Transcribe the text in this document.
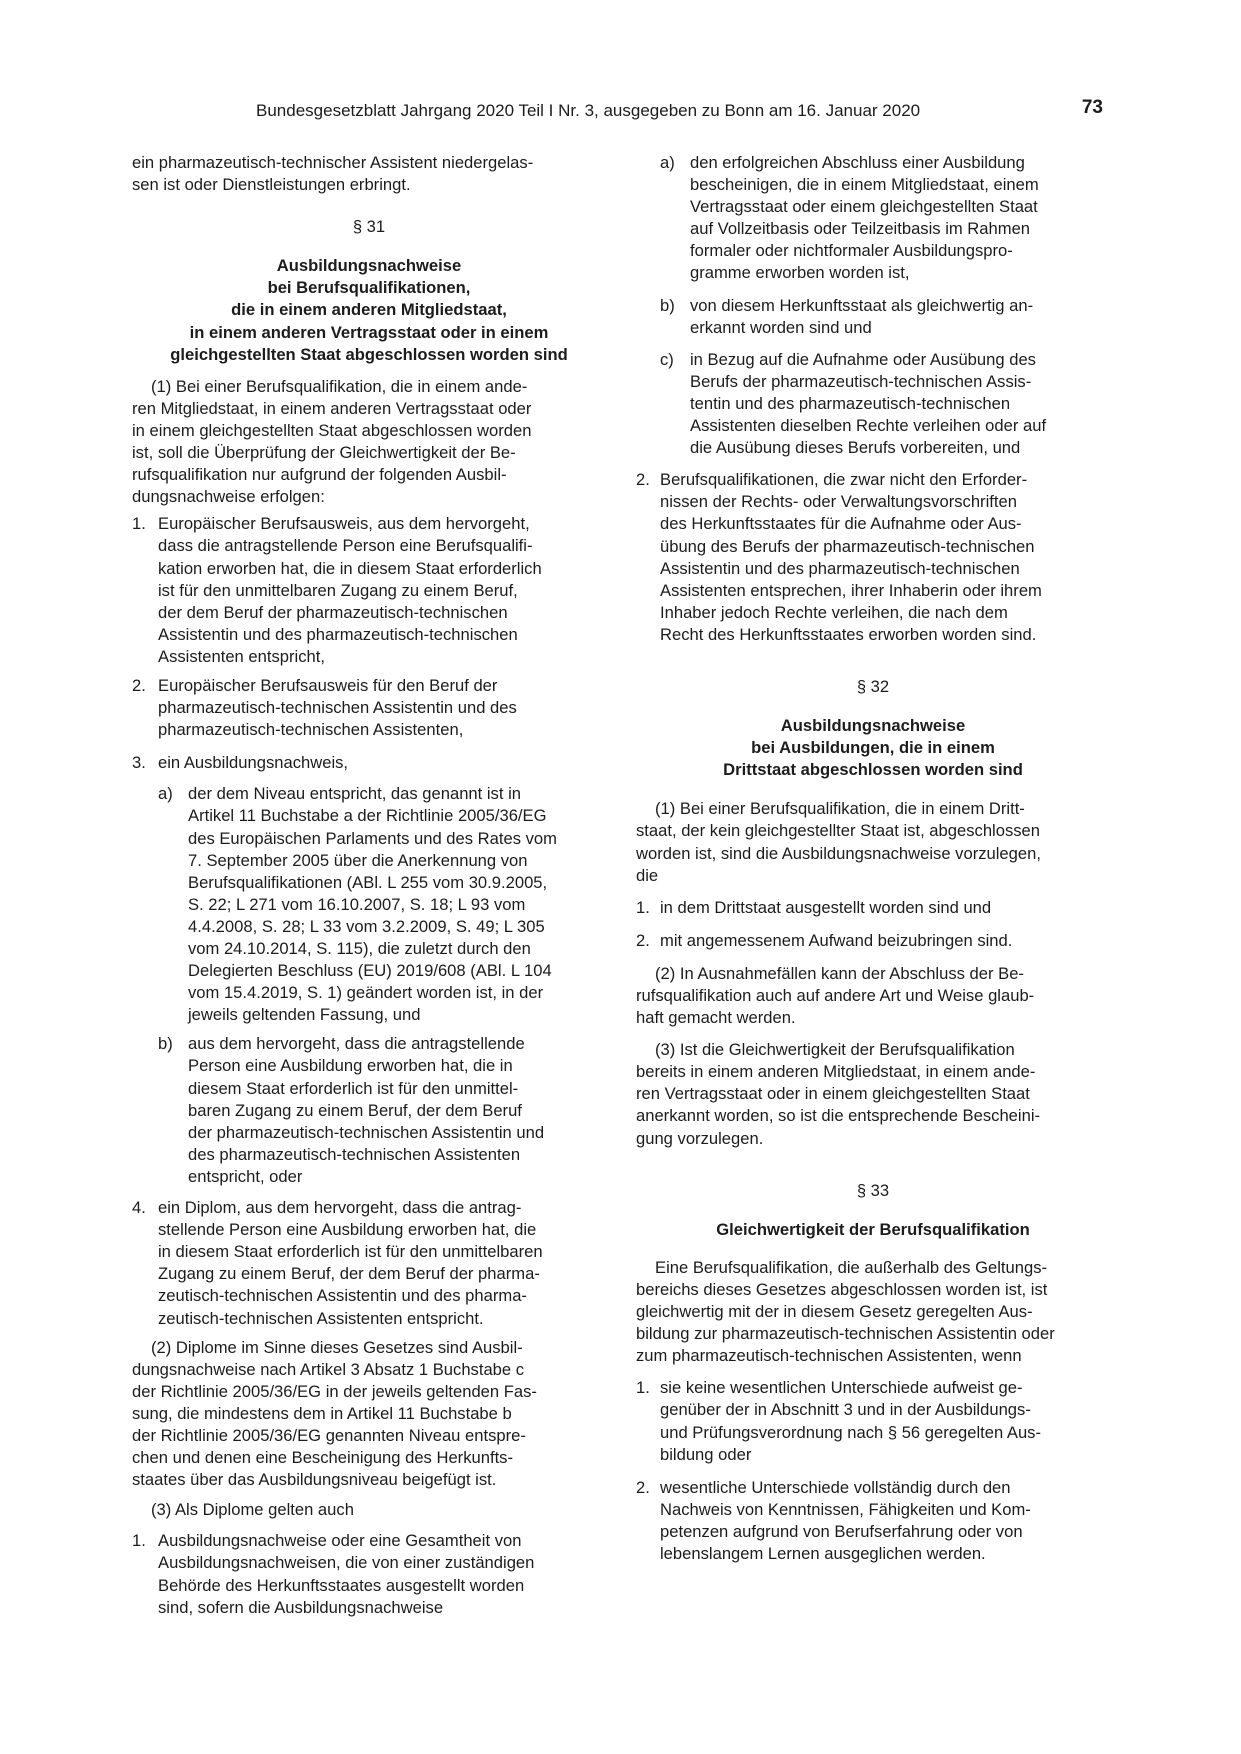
Bundesgesetzblatt Jahrgang 2020 Teil I Nr. 3, ausgegeben zu Bonn am 16. Januar 2020	73

ein pharmazeutisch-technischer Assistent niedergelas-
sen ist oder Dienstleistungen erbringt.

§ 31

Ausbildungsnachweise
bei Berufsqualifikationen,
die in einem anderen Mitgliedstaat,
in einem anderen Vertragsstaat oder in einem
gleichgestellten Staat abgeschlossen worden sind

(1) Bei einer Berufsqualifikation, die in einem ande-
ren Mitgliedstaat, in einem anderen Vertragsstaat oder
in einem gleichgestellten Staat abgeschlossen worden
ist, soll die Überprüfung der Gleichwertigkeit der Be-
rufsqualifikation nur aufgrund der folgenden Ausbil-
dungsnachweise erfolgen:

1. Europäischer Berufsausweis, aus dem hervorgeht,
dass die antragstellende Person eine Berufsqualifi-
kation erworben hat, die in diesem Staat erforderlich
ist für den unmittelbaren Zugang zu einem Beruf,
der dem Beruf der pharmazeutisch-technischen
Assistentin und des pharmazeutisch-technischen
Assistenten entspricht,
2. Europäischer Berufsausweis für den Beruf der
pharmazeutisch-technischen Assistentin und des
pharmazeutisch-technischen Assistenten,
3. ein Ausbildungsnachweis,
a) der dem Niveau entspricht, das genannt ist in
Artikel 11 Buchstabe a der Richtlinie 2005/36/EG
des Europäischen Parlaments und des Rates vom
7. September 2005 über die Anerkennung von
Berufsqualifikationen (ABl. L 255 vom 30.9.2005,
S. 22; L 271 vom 16.10.2007, S. 18; L 93 vom
4.4.2008, S. 28; L 33 vom 3.2.2009, S. 49; L 305
vom 24.10.2014, S. 115), die zuletzt durch den
Delegierten Beschluss (EU) 2019/608 (ABl. L 104
vom 15.4.2019, S. 1) geändert worden ist, in der
jeweils geltenden Fassung, und
b) aus dem hervorgeht, dass die antragstellende
Person eine Ausbildung erworben hat, die in
diesem Staat erforderlich ist für den unmittel-
baren Zugang zu einem Beruf, der dem Beruf
der pharmazeutisch-technischen Assistentin und
des pharmazeutisch-technischen Assistenten
entspricht, oder
4. ein Diplom, aus dem hervorgeht, dass die antrag-
stellende Person eine Ausbildung erworben hat, die
in diesem Staat erforderlich ist für den unmittelbaren
Zugang zu einem Beruf, der dem Beruf der pharma-
zeutisch-technischen Assistentin und des pharma-
zeutisch-technischen Assistenten entspricht.

(2) Diplome im Sinne dieses Gesetzes sind Ausbil-
dungsnachweise nach Artikel 3 Absatz 1 Buchstabe c
der Richtlinie 2005/36/EG in der jeweils geltenden Fas-
sung, die mindestens dem in Artikel 11 Buchstabe b
der Richtlinie 2005/36/EG genannten Niveau entspre-
chen und denen eine Bescheinigung des Herkunfts-
staates über das Ausbildungsniveau beigefügt ist.

(3) Als Diplome gelten auch

1. Ausbildungsnachweise oder eine Gesamtheit von
Ausbildungsnachweisen, die von einer zuständigen
Behörde des Herkunftsstaates ausgestellt worden
sind, sofern die Ausbildungsnachweise
a) den erfolgreichen Abschluss einer Ausbildung
bescheinigen, die in einem Mitgliedstaat, einem
Vertragsstaat oder einem gleichgestellten Staat
auf Vollzeitbasis oder Teilzeitbasis im Rahmen
formaler oder nichtformaler Ausbildungspro-
gramme erworben worden ist,
b) von diesem Herkunftsstaat als gleichwertig an-
erkannt worden sind und
c) in Bezug auf die Aufnahme oder Ausübung des
Berufs der pharmazeutisch-technischen Assis-
tentin und des pharmazeutisch-technischen
Assistenten dieselben Rechte verleihen oder auf
die Ausübung dieses Berufs vorbereiten, und
2. Berufsqualifikationen, die zwar nicht den Erforder-
nissen der Rechts- oder Verwaltungsvorschriften
des Herkunftsstaates für die Aufnahme oder Aus-
übung des Berufs der pharmazeutisch-technischen
Assistentin und des pharmazeutisch-technischen
Assistenten entsprechen, ihrer Inhaberin oder ihrem
Inhaber jedoch Rechte verleihen, die nach dem
Recht des Herkunftsstaates erworben worden sind.

§ 32

Ausbildungsnachweise
bei Ausbildungen, die in einem
Drittstaat abgeschlossen worden sind

(1) Bei einer Berufsqualifikation, die in einem Dritt-
staat, der kein gleichgestellter Staat ist, abgeschlossen
worden ist, sind die Ausbildungsnachweise vorzulegen,
die

1. in dem Drittstaat ausgestellt worden sind und
2. mit angemessenem Aufwand beizubringen sind.

(2) In Ausnahmefällen kann der Abschluss der Be-
rufsqualifikation auch auf andere Art und Weise glaub-
haft gemacht werden.

(3) Ist die Gleichwertigkeit der Berufsqualifikation
bereits in einem anderen Mitgliedstaat, in einem ande-
ren Vertragsstaat oder in einem gleichgestellten Staat
anerkannt worden, so ist die entsprechende Bescheini-
gung vorzulegen.

§ 33

Gleichwertigkeit der Berufsqualifikation

Eine Berufsqualifikation, die außerhalb des Geltungs-
bereichs dieses Gesetzes abgeschlossen worden ist, ist
gleichwertig mit der in diesem Gesetz geregelten Aus-
bildung zur pharmazeutisch-technischen Assistentin oder
zum pharmazeutisch-technischen Assistenten, wenn

1. sie keine wesentlichen Unterschiede aufweist ge-
genüber der in Abschnitt 3 und in der Ausbildungs-
und Prüfungsverordnung nach § 56 geregelten Aus-
bildung oder
2. wesentliche Unterschiede vollständig durch den
Nachweis von Kenntnissen, Fähigkeiten und Kom-
petenzen aufgrund von Berufserfahrung oder von
lebenslangem Lernen ausgeglichen werden.
